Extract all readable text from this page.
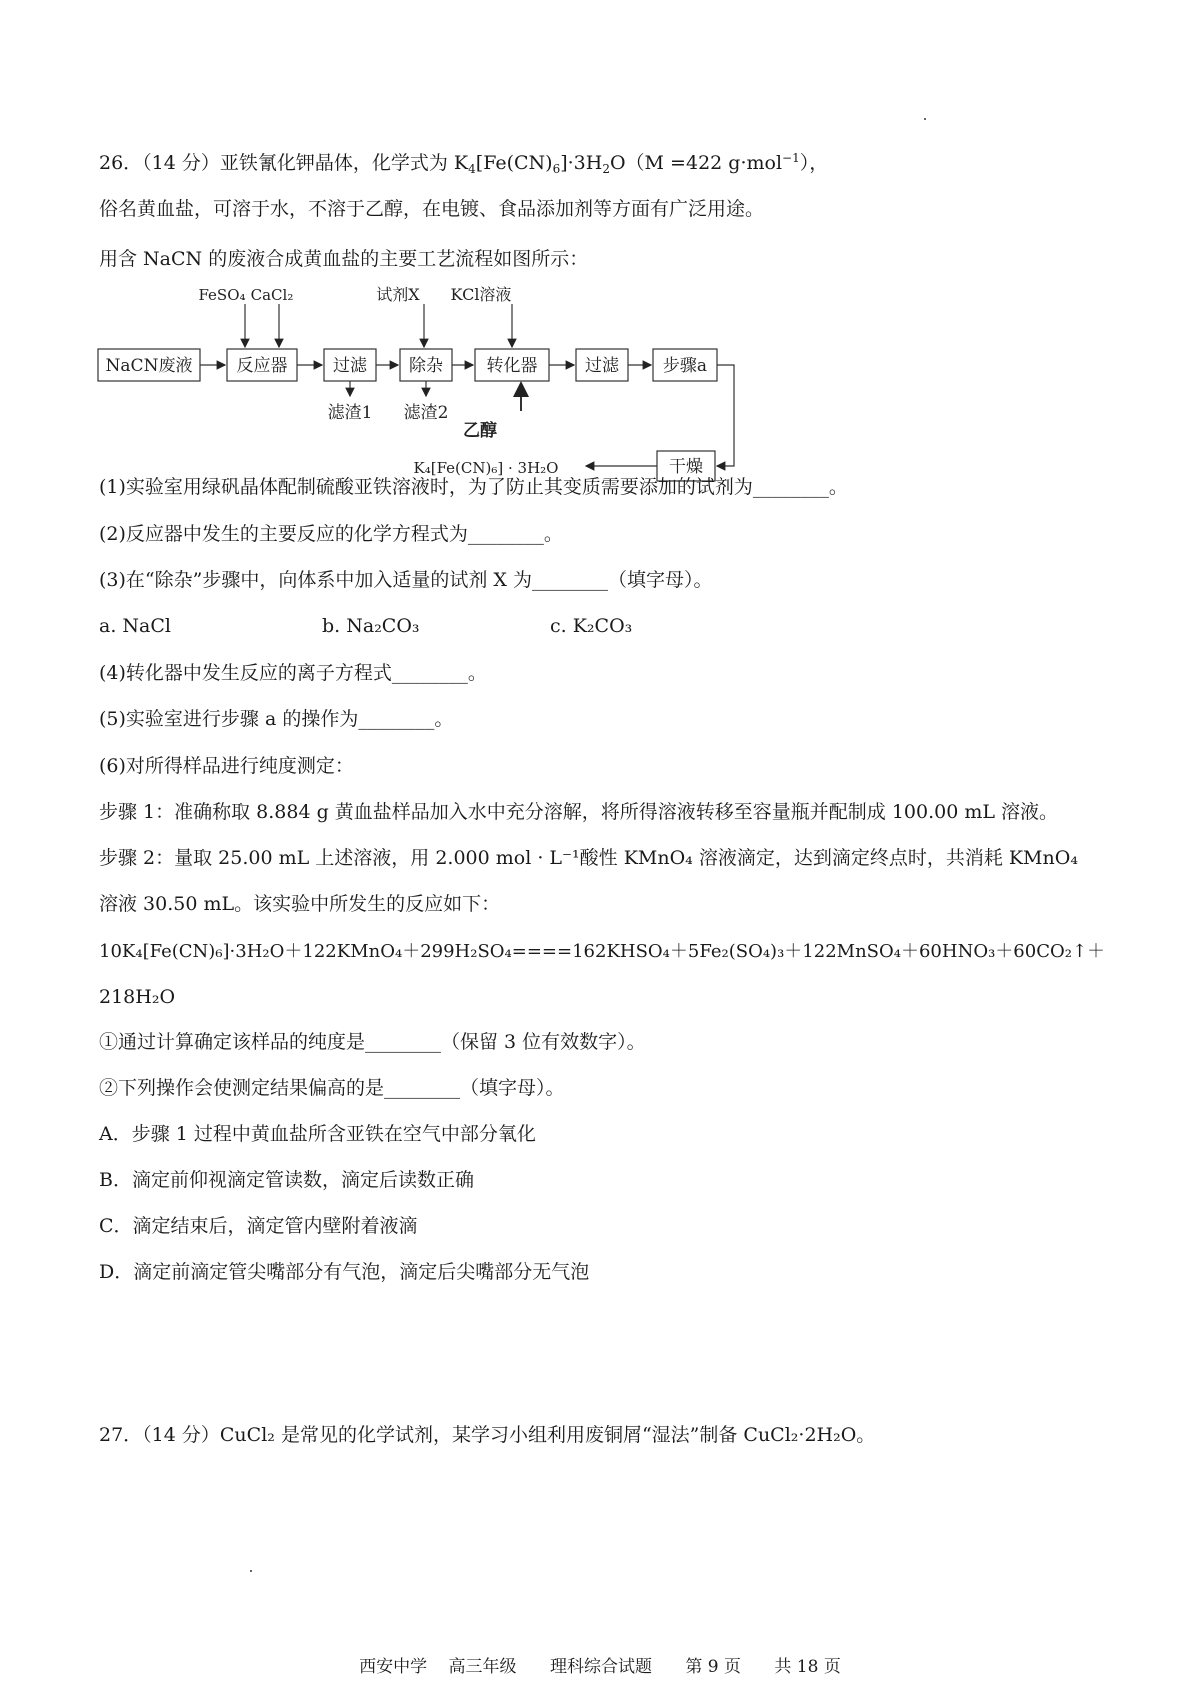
26．（14 分）亚铁氰化钾晶体，化学式为 $K_4[Fe(CN)_6]\cdot 3H_2O(M =422$ g·mol$^{-1}$），
俗名黄血盐，可溶于水，不溶于乙醇，在电镀、食品添加剂等方面有广泛用途。
用含 NaCN 的废液合成黄血盐的主要工艺流程如图所示：
NaCN废液	反应器	过滤 除杂	转化器	过滤	步骤a
干燥
FeSO₄ CaCl₂	试剂X KCl溶液
滤渣1 滤渣2
乙醇
K₄[Fe(CN)₆] · 3H₂O
(1)实验室用绿矾晶体配制硫酸亚铁溶液时，为了防止其变质需要添加的试剂为________。
(2)反应器中发生的主要反应的化学方程式为________。
(3)在“除杂”步骤中，向体系中加入适量的试剂 X 为________（填字母）。
a. NaCl	b. Na₂CO₃	c. K₂CO₃
(4)转化器中发生反应的离子方程式________。
(5)实验室进行步骤 a 的操作为________。
(6)对所得样品进行纯度测定：
步骤 1：准确称取 8.884 g 黄血盐样品加入水中充分溶解，将所得溶液转移至容量瓶并配制成 100.00 mL 溶液。
步骤 2：量取 25.00 mL 上述溶液，用 2.000 mol · L⁻¹酸性 KMnO₄ 溶液滴定，达到滴定终点时，共消耗 KMnO₄
溶液 30.50 mL。该实验中所发生的反应如下：
10K₄[Fe(CN)₆]·3H₂O＋122KMnO₄＋299H₂SO₄====162KHSO₄＋5Fe₂(SO₄)₃＋122MnSO₄＋60HNO₃＋60CO₂↑＋
218H₂O
①通过计算确定该样品的纯度是________（保留 3 位有效数字）。
②下列操作会使测定结果偏高的是________（填字母）。
A．步骤 1 过程中黄血盐所含亚铁在空气中部分氧化
B．滴定前仰视滴定管读数，滴定后读数正确
C．滴定结束后，滴定管内壁附着液滴
D．滴定前滴定管尖嘴部分有气泡，滴定后尖嘴部分无气泡
27．（14 分）CuCl₂ 是常见的化学试剂，某学习小组利用废铜屑“湿法”制备 CuCl₂·2H₂O。
西安中学 高三年级 理科综合试题 第 9 页 共 18 页
